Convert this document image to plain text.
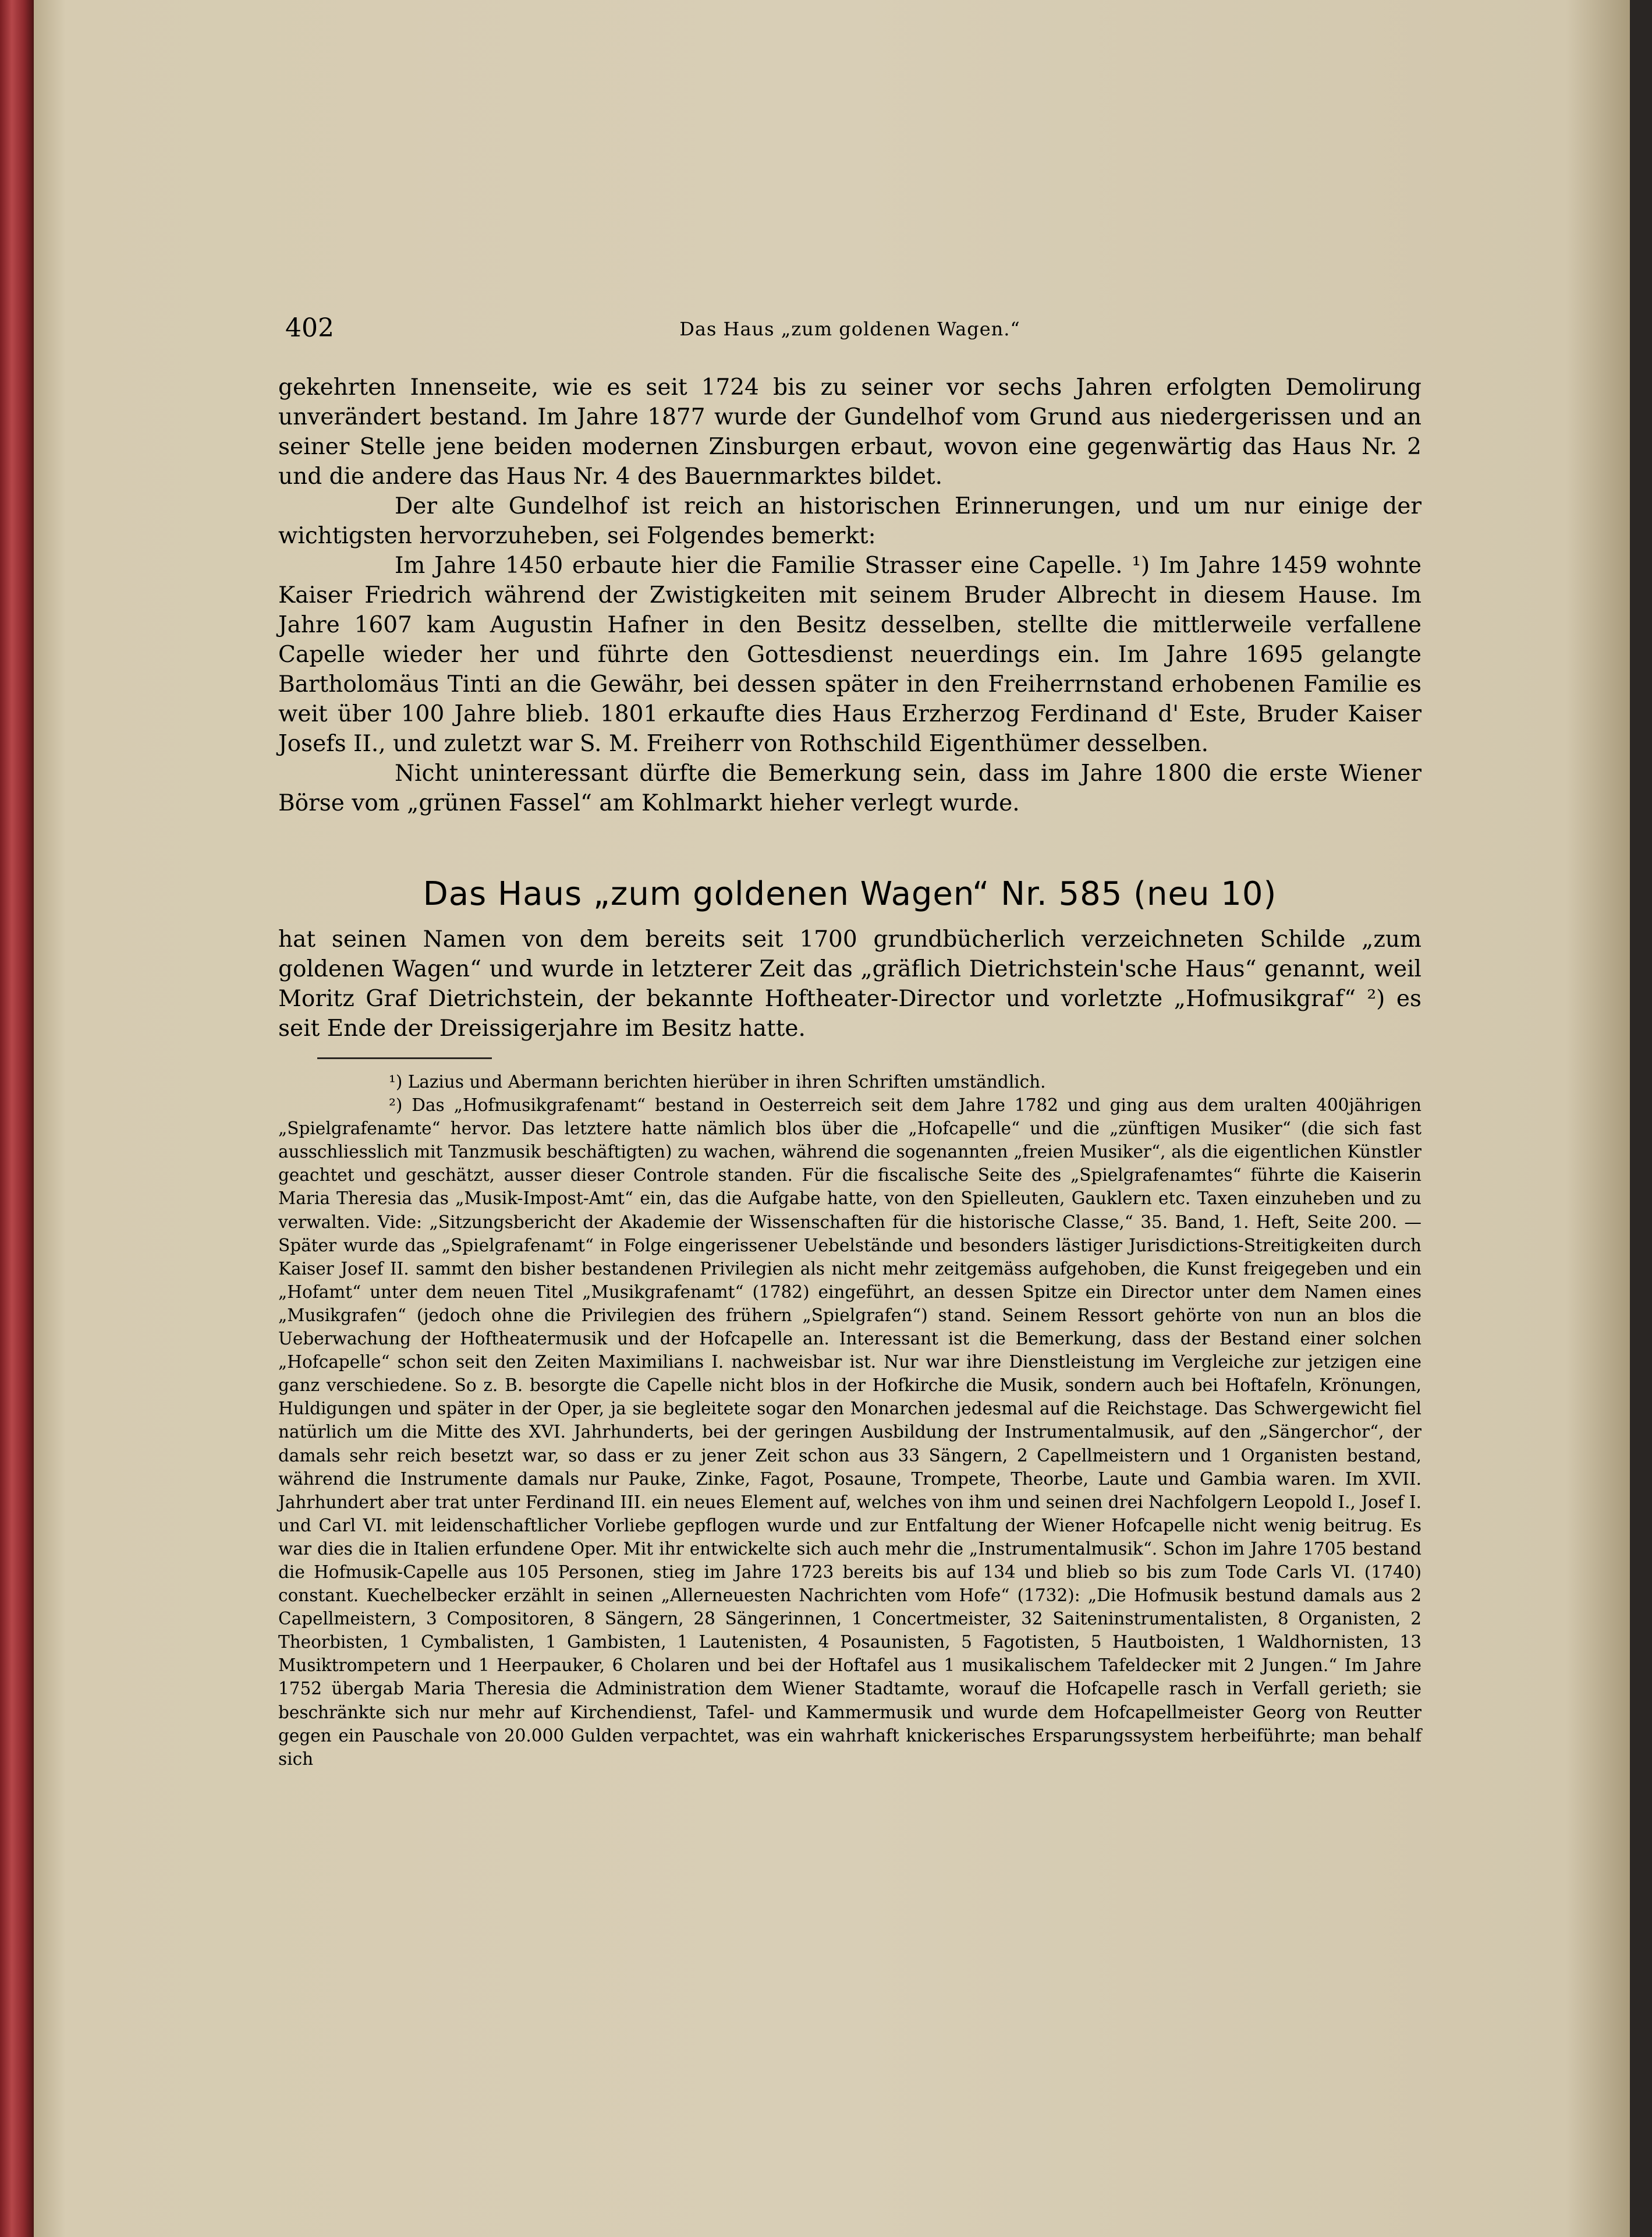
402	Das Haus „zum goldenen Wagen.“

gekehrten Innenseite, wie es seit 1724 bis zu seiner vor sechs Jahren erfolgten Demolirung unverändert bestand. Im Jahre 1877 wurde der Gundelhof vom Grund aus niedergerissen und an seiner Stelle jene beiden modernen Zinsburgen erbaut, wovon eine gegenwärtig das Haus Nr. 2 und die andere das Haus Nr. 4 des Bauernmarktes bildet.

Der alte Gundelhof ist reich an historischen Erinnerungen, und um nur einige der wichtigsten hervorzuheben, sei Folgendes bemerkt:

Im Jahre 1450 erbaute hier die Familie Strasser eine Capelle. ¹) Im Jahre 1459 wohnte Kaiser Friedrich während der Zwistigkeiten mit seinem Bruder Albrecht in diesem Hause. Im Jahre 1607 kam Augustin Hafner in den Besitz desselben, stellte die mittlerweile verfallene Capelle wieder her und führte den Gottesdienst neuerdings ein. Im Jahre 1695 gelangte Bartholomäus Tinti an die Gewähr, bei dessen später in den Freiherrnstand erhobenen Familie es weit über 100 Jahre blieb. 1801 erkaufte dies Haus Erzherzog Ferdinand d' Este, Bruder Kaiser Josefs II., und zuletzt war S. M. Freiherr von Rothschild Eigenthümer desselben.

Nicht uninteressant dürfte die Bemerkung sein, dass im Jahre 1800 die erste Wiener Börse vom „grünen Fassel“ am Kohlmarkt hieher verlegt wurde.

Das Haus „zum goldenen Wagen“ Nr. 585 (neu 10)
hat seinen Namen von dem bereits seit 1700 grundbücherlich verzeichneten Schilde „zum goldenen Wagen“ und wurde in letzterer Zeit das „gräflich Dietrichstein'sche Haus“ genannt, weil Moritz Graf Dietrichstein, der bekannte Hoftheater-Director und vorletzte „Hofmusikgraf“ ²) es seit Ende der Dreissigerjahre im Besitz hatte.

¹) Lazius und Abermann berichten hierüber in ihren Schriften umständlich.

²) Das „Hofmusikgrafenamt“ bestand in Oesterreich seit dem Jahre 1782 und ging aus dem uralten 400jährigen „Spielgrafenamte“ hervor. Das letztere hatte nämlich blos über die „Hofcapelle“ und die „zünftigen Musiker“ (die sich fast ausschliesslich mit Tanzmusik beschäftigten) zu wachen, während die sogenannten „freien Musiker“, als die eigentlichen Künstler geachtet und geschätzt, ausser dieser Controle standen. Für die fiscalische Seite des „Spielgrafenamtes“ führte die Kaiserin Maria Theresia das „Musik-Impost-Amt“ ein, das die Aufgabe hatte, von den Spielleuten, Gauklern etc. Taxen einzuheben und zu verwalten. Vide: „Sitzungsbericht der Akademie der Wissenschaften für die historische Classe,“ 35. Band, 1. Heft, Seite 200. — Später wurde das „Spielgrafenamt“ in Folge eingerissener Uebelstände und besonders lästiger Jurisdictions-Streitigkeiten durch Kaiser Josef II. sammt den bisher bestandenen Privilegien als nicht mehr zeitgemäss aufgehoben, die Kunst freigegeben und ein „Hofamt“ unter dem neuen Titel „Musikgrafenamt“ (1782) eingeführt, an dessen Spitze ein Director unter dem Namen eines „Musikgrafen“ (jedoch ohne die Privilegien des frühern „Spielgrafen“) stand. Seinem Ressort gehörte von nun an blos die Ueberwachung der Hoftheatermusik und der Hofcapelle an. Interessant ist die Bemerkung, dass der Bestand einer solchen „Hofcapelle“ schon seit den Zeiten Maximilians I. nachweisbar ist. Nur war ihre Dienstleistung im Vergleiche zur jetzigen eine ganz verschiedene. So z. B. besorgte die Capelle nicht blos in der Hofkirche die Musik, sondern auch bei Hoftafeln, Krönungen, Huldigungen und später in der Oper, ja sie begleitete sogar den Monarchen jedesmal auf die Reichstage. Das Schwergewicht fiel natürlich um die Mitte des XVI. Jahrhunderts, bei der geringen Ausbildung der Instrumentalmusik, auf den „Sängerchor“, der damals sehr reich besetzt war, so dass er zu jener Zeit schon aus 33 Sängern, 2 Capellmeistern und 1 Organisten bestand, während die Instrumente damals nur Pauke, Zinke, Fagot, Posaune, Trompete, Theorbe, Laute und Gambia waren. Im XVII. Jahrhundert aber trat unter Ferdinand III. ein neues Element auf, welches von ihm und seinen drei Nachfolgern Leopold I., Josef I. und Carl VI. mit leidenschaftlicher Vorliebe gepflogen wurde und zur Entfaltung der Wiener Hofcapelle nicht wenig beitrug. Es war dies die in Italien erfundene Oper. Mit ihr entwickelte sich auch mehr die „Instrumentalmusik“. Schon im Jahre 1705 bestand die Hofmusik-Capelle aus 105 Personen, stieg im Jahre 1723 bereits bis auf 134 und blieb so bis zum Tode Carls VI. (1740) constant. Kuechelbecker erzählt in seinen „Allerneuesten Nachrichten vom Hofe“ (1732): „Die Hofmusik bestund damals aus 2 Capellmeistern, 3 Compositoren, 8 Sängern, 28 Sängerinnen, 1 Concertmeister, 32 Saiteninstrumentalisten, 8 Organisten, 2 Theorbisten, 1 Cymbalisten, 1 Gambisten, 1 Lautenisten, 4 Posaunisten, 5 Fagotisten, 5 Hautboisten, 1 Waldhornisten, 13 Musiktrompetern und 1 Heerpauker, 6 Cholaren und bei der Hoftafel aus 1 musikalischem Tafeldecker mit 2 Jungen.“ Im Jahre 1752 übergab Maria Theresia die Administration dem Wiener Stadtamte, worauf die Hofcapelle rasch in Verfall gerieth; sie beschränkte sich nur mehr auf Kirchendienst, Tafel- und Kammermusik und wurde dem Hofcapellmeister Georg von Reutter gegen ein Pauschale von 20.000 Gulden verpachtet, was ein wahrhaft knickerisches Ersparungssystem herbeiführte; man behalf sich
